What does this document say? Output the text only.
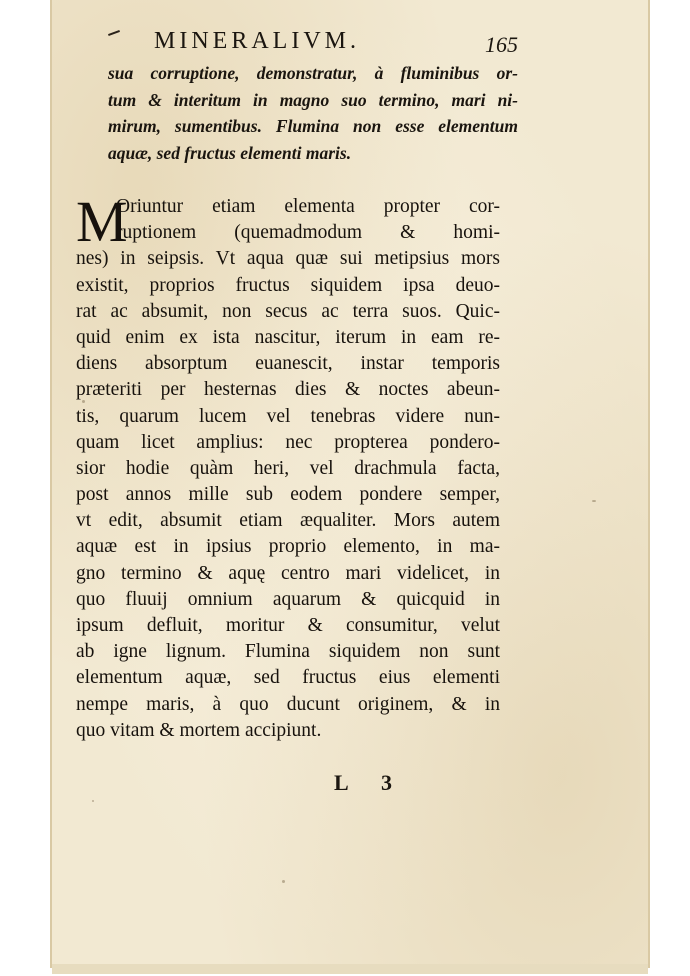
MINERALIVM.	165
sua corruptione, demonstratur, à fluminibus or-
tum & interitum in magno suo termino, mari ni-
mirum, sumentibus. Flumina non esse elementum
aquæ, sed fructus elementi maris.
M
Oriuntur etiam elementa propter cor-
ruptionem (quemadmodum & homi-
nes) in seipsis. Vt aqua quæ sui metipsius mors
existit, proprios fructus siquidem ipsa deuo-
rat ac absumit, non secus ac terra suos. Quic-
quid enim ex ista nascitur, iterum in eam re-
diens absorptum euanescit, instar temporis
præteriti per hesternas dies & noctes abeun-
tis, quarum lucem vel tenebras videre nun-
quam licet amplius: nec propterea pondero-
sior hodie quàm heri, vel drachmula facta,
post annos mille sub eodem pondere semper,
vt edit, absumit etiam æqualiter. Mors autem
aquæ est in ipsius proprio elemento, in ma-
gno termino & aquę centro mari videlicet, in
quo fluuij omnium aquarum & quicquid in
ipsum defluit, moritur & consumitur, velut
ab igne lignum. Flumina siquidem non sunt
elementum aquæ, sed fructus eius elementi
nempe maris, à quo ducunt originem, & in
quo vitam & mortem accipiunt.
L 3
